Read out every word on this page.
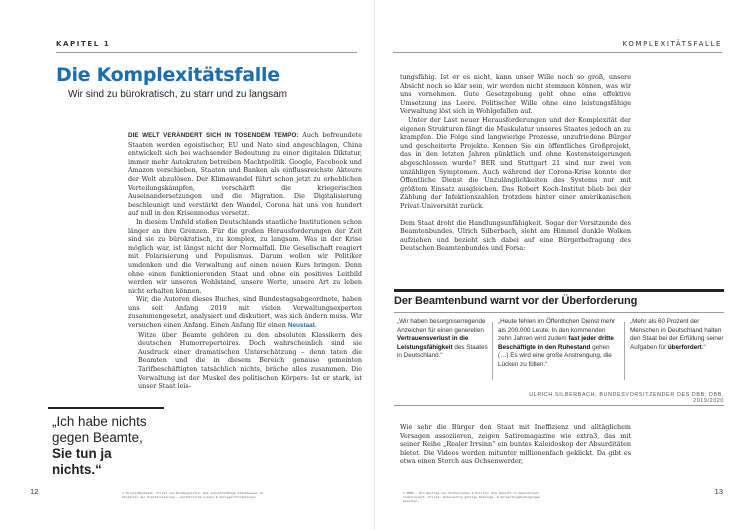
KAPITEL 1
Die Komplexitätsfalle
Wir sind zu bürokratisch, zu starr und zu langsam

DIE WELT VERÄNDERT SICH IN TOSENDEM TEMPO: Auch befreundete Staaten werden egoistischer, EU und Nato sind angeschlagen, China entwickelt sich bei wachsender Bedeutung zu einer digitalen Diktatur, immer mehr Autokraten betreiben Machtpolitik. Google, Facebook und Amazon verschieben, Staaten und Banken als einflussreichste Akteure der Welt abzulösen. Der Klimawandel führt schon jetzt zu erheblichen Verteilungskämpfen, verschärft die kriegerischen Auseinandersetzungen und die Migration. Die Digitalisierung beschleunigt und verstärkt den Wandel, Corona hat uns von hundert auf null in den Krisenmodus versetzt.

In diesem Umfeld stoßen Deutschlands staatliche Institutionen schon länger an ihre Grenzen. Für die großen Herausforderungen der Zeit sind sie zu bürokratisch, zu komplex, zu langsam. Was in der Krise möglich war, ist längst nicht der Normalfall. Die Gesellschaft reagiert mit Polarisierung und Populismus. Darum wollen wir Politiker umdenken und die Verwaltung auf einen neuen Kurs bringen. Denn ohne einen funktionierenden Staat und ohne ein positives Leitbild werden wir unseren Wohlstand, unsere Werte, unsere Art zu leben nicht erhalten können.

Wir, die Autoren dieses Buches, sind Bundestagsabgeordnete, haben uns seit Anfang 2019 mit vielen Verwaltungsexperten zusammengesetzt, analysiert und diskutiert, was sich ändern muss. Wir versuchen einen Anfang. Einen Anfang für einen Neustaat.

Witze über Beamte gehören zu den absoluten Klassikern des deutschen Humorrepertoires. Doch wahrscheinlich sind sie Ausdruck einer dramatischen Unterschätzung – denn taten die Beamten und die in diesem Bereich genauso gemeinten Tarifbeschäftigten tatsächlich nichts, bräche alles zusammen. Die Verwaltung ist der Muskel des politischen Körpers: Ist er stark, ist unser Staat leis-

„Ich habe nichts
gegen Beamte,
Sie tun ja nichts.“
12	© Thiele/Neustaat. Privat und Bundespolitik. Das zukunftsfähige Staatswesen im Zeitalter der Digitalisierung – ausführliche Lizenz & Verlagsinformationen
KOMPLEXITÄTSFALLE

tungsfähig. Ist er es nicht, kann unser Wille noch so groß, unsere Absicht noch so klar sein, wir werden nicht stemmen können, was wir uns vornehmen. Gute Gesetzgebung geht ohne eine effektive Umsetzung ins Leere. Politischer Wille ohne eine leistungsfähige Verwaltung löst sich in Wohlgefallen auf.

Unter der Last neuer Herausforderungen und der Komplexität der eigenen Strukturen fängt die Muskulatur unseres Staates jedoch an zu krampfen. Die Folge sind langwierige Prozesse, unzufriedene Bürger und gescheiterte Projekte. Kennen Sie ein öffentliches Großprojekt, das in den letzten Jahren pünktlich und ohne Kostensteigerungen abgeschlossen wurde? BER und Stuttgart 21 sind nur zwei von unzähligen Symptomen. Auch während der Corona-Krise konnte der Öffentliche Dienst die Unzulänglichkeiten des Systems nur mit größtem Einsatz ausgleichen. Das Robert Koch-Institut blieb bei der Zählung der Infektionszahlen trotzdem hinter einer amerikanischen Privat-Universität zurück.

Dem Staat droht die Handlungsunfähigkeit. Sogar der Vorsitzende des Beamtenbundes, Ulrich Silberbach, sieht am Himmel dunkle Wolken aufziehen und bezieht sich dabei auf eine Bürgerbefragung des Deutschen Beamtenbundes und Forsa:

Der Beamtenbund warnt vor der Überforderung
„Wir haben besorgniserregende Anzeichen für einen generellen Vertrauensverlust in die Leistungsfähigkeit des Staates in Deutschland.“
„Heute fehlen im Öffentlichen Dienst mehr als 200.000 Leute. In den kommenden zehn Jahren wird zudem fast jeder dritte Beschäftigte in den Ruhestand gehen (…) Es wird eine große Anstrengung, die Lücken zu füllen.“
„Mehr als 60 Prozent der Menschen in Deutschland halten den Staat bei der Erfüllung seiner Aufgaben für überfordert.“
ULRICH SILBERBACH, BUNDESVORSITZENDER DES DBB; DBB, 2019/2020

Wie sehr die Bürger den Staat mit Ineffizienz und alltäglichem Versagen assoziieren, zeigen Satiremagazine wie extra3, das mit seiner Reihe „Realer Irrsinn“ ein buntes Kaleidoskop der Absurditäten bietet. Die Videos werden mitunter millionenfach geklickt. Da gibt es etwa einen Storch aus Ochsenwerder,

13
© DEMS — Ein Beitrag von Studierenden & Politik: Wie Zukunft in Deutschland funktioniert. Privat. Anderweitig gültige Nutzungs- & Verwertungsbedingungen beachten.
